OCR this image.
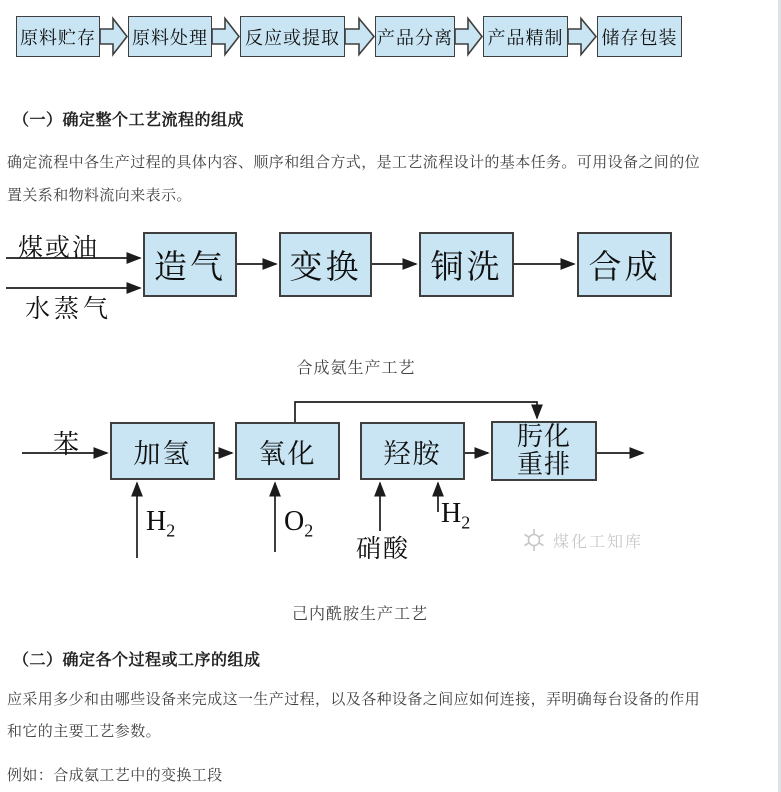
原料贮存 原料处理 反应或提取 产品分离 产品精制 储存包装
（一）确定整个工艺流程的组成
确定流程中各生产过程的具体内容、顺序和组合方式，是工艺流程设计的基本任务。可用设备之间的位
置关系和物料流向来表示。
煤或油
水蒸气
造气	变换	铜洗	合成
合成氨生产工艺
苯	加氢	氧化	羟胺
肟化
重排
$H_2$	$O_2$
硝酸
$H_2$
煤化工知库
己内酰胺生产工艺
（二）确定各个过程或工序的组成
应采用多少和由哪些设备来完成这一生产过程，以及各种设备之间应如何连接，弄明确每台设备的作用
和它的主要工艺参数。
例如：合成氨工艺中的变换工段
